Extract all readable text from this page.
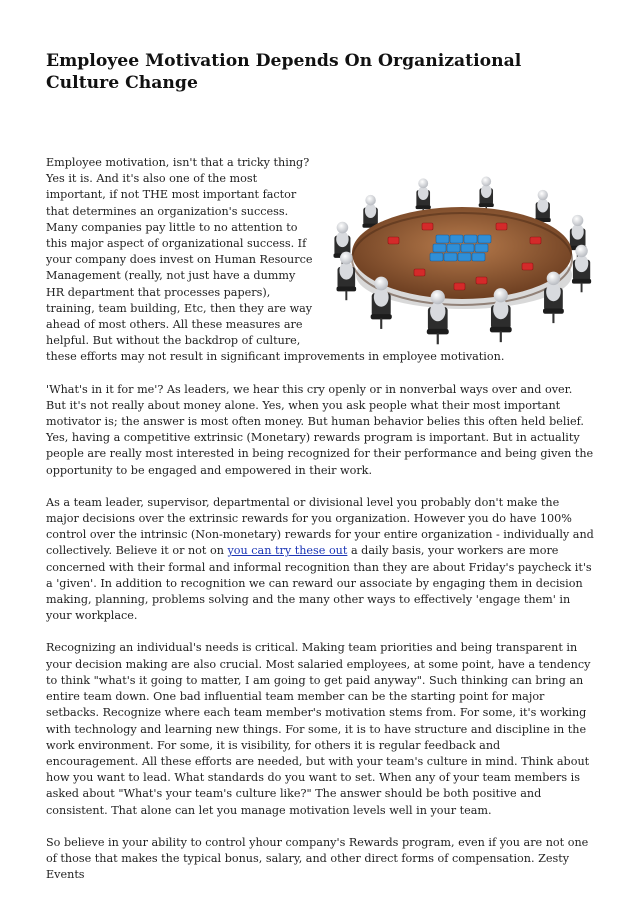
Employee Motivation Depends On Organizational Culture Change

Employee motivation, isn't that a tricky thing? Yes it is. And it's also one of the most important, if not THE most important factor that determines an organization's success. Many companies pay little to no attention to this major aspect of organizational success. If your company does invest on Human Resource Management (really, not just have a dummy HR department that processes papers), training, team building, Etc, then they are way ahead of most others. All these measures are helpful. But without the backdrop of culture, these efforts may not result in significant improvements in employee motivation.

'What's in it for me'? As leaders, we hear this cry openly or in nonverbal ways over and over. But it's not really about money alone. Yes, when you ask people what their most important motivator is; the answer is most often money. But human behavior belies this often held belief. Yes, having a competitive extrinsic (Monetary) rewards program is important. But in actuality people are really most interested in being recognized for their performance and being given the opportunity to be engaged and empowered in their work.

As a team leader, supervisor, departmental or divisional level you probably don't make the major decisions over the extrinsic rewards for you organization. However you do have 100% control over the intrinsic (Non-monetary) rewards for your entire organization - individually and collectively. Believe it or not on you can try these out a daily basis, your workers are more concerned with their formal and informal recognition than they are about Friday's paycheck it's a 'given'. In addition to recognition we can reward our associate by engaging them in decision making, planning, problems solving and the many other ways to effectively 'engage them' in your workplace.

Recognizing an individual's needs is critical. Making team priorities and being transparent in your decision making are also crucial. Most salaried employees, at some point, have a tendency to think "what's it going to matter, I am going to get paid anyway". Such thinking can bring an entire team down. One bad influential team member can be the starting point for major setbacks. Recognize where each team member's motivation stems from. For some, it's working with technology and learning new things. For some, it is to have structure and discipline in the work environment. For some, it is visibility, for others it is regular feedback and encouragement. All these efforts are needed, but with your team's culture in mind. Think about how you want to lead. What standards do you want to set. When any of your team members is asked about "What's your team's culture like?" The answer should be both positive and consistent. That alone can let you manage motivation levels well in your team.

So believe in your ability to control yhour company's Rewards program, even if you are not one of those that makes the typical bonus, salary, and other direct forms of compensation. Zesty Events
